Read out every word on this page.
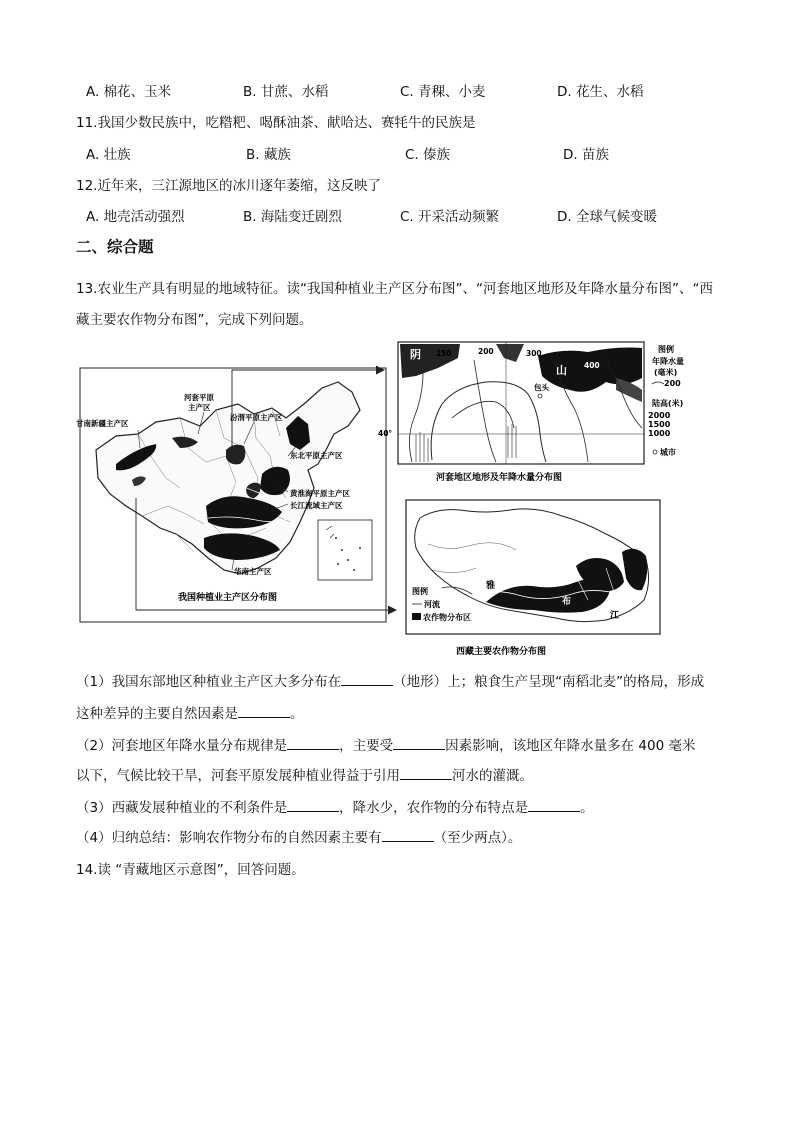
A. 棉花、玉米	B. 甘蔗、水稻	C. 青稞、小麦	D. 花生、水稻
11.我国少数民族中，吃糌粑、喝酥油茶、献哈达、赛牦牛的民族是
A. 壮族	B. 藏族	C. 傣族	D. 苗族
12.近年来，三江源地区的冰川逐年萎缩，这反映了
A. 地壳活动强烈	B. 海陆变迁剧烈	C. 开采活动频繁	D. 全球气候变暖
二、综合题
13.农业生产具有明显的地域特征。读“我国种植业主产区分布图”、“河套地区地形及年降水量分布图”、“西
藏主要农作物分布图”，完成下列问题。
甘南新疆主产区
河套平原
主产区
汾渭平原主产区
东北平原主产区
黄淮海平原主产区
长江流域主产区
华南主产区
我国种植业主产区分布图
阴
山
包头
150	200	300
400
40°
图例
年降水量
(毫米)
200
陆高(米)
2000
1500
1000
城市
河套地区地形及年降水量分布图
雅
布
江
图例
河流
农作物分布区
西藏主要农作物分布图
（1）我国东部地区种植业主产区大多分布在	（地形）上；粮食生产呈现“南稻北麦”的格局，形成
这种差异的主要自然因素是	。
（2）河套地区年降水量分布规律是	，主要受	因素影响，该地区年降水量多在 400 毫米
以下，气候比较干旱，河套平原发展种植业得益于引用	河水的灌溉。
（3）西藏发展种植业的不利条件是	，降水少，农作物的分布特点是	。
（4）归纳总结：影响农作物分布的自然因素主要有	（至少两点）。
14.读 “青藏地区示意图”，回答问题。
